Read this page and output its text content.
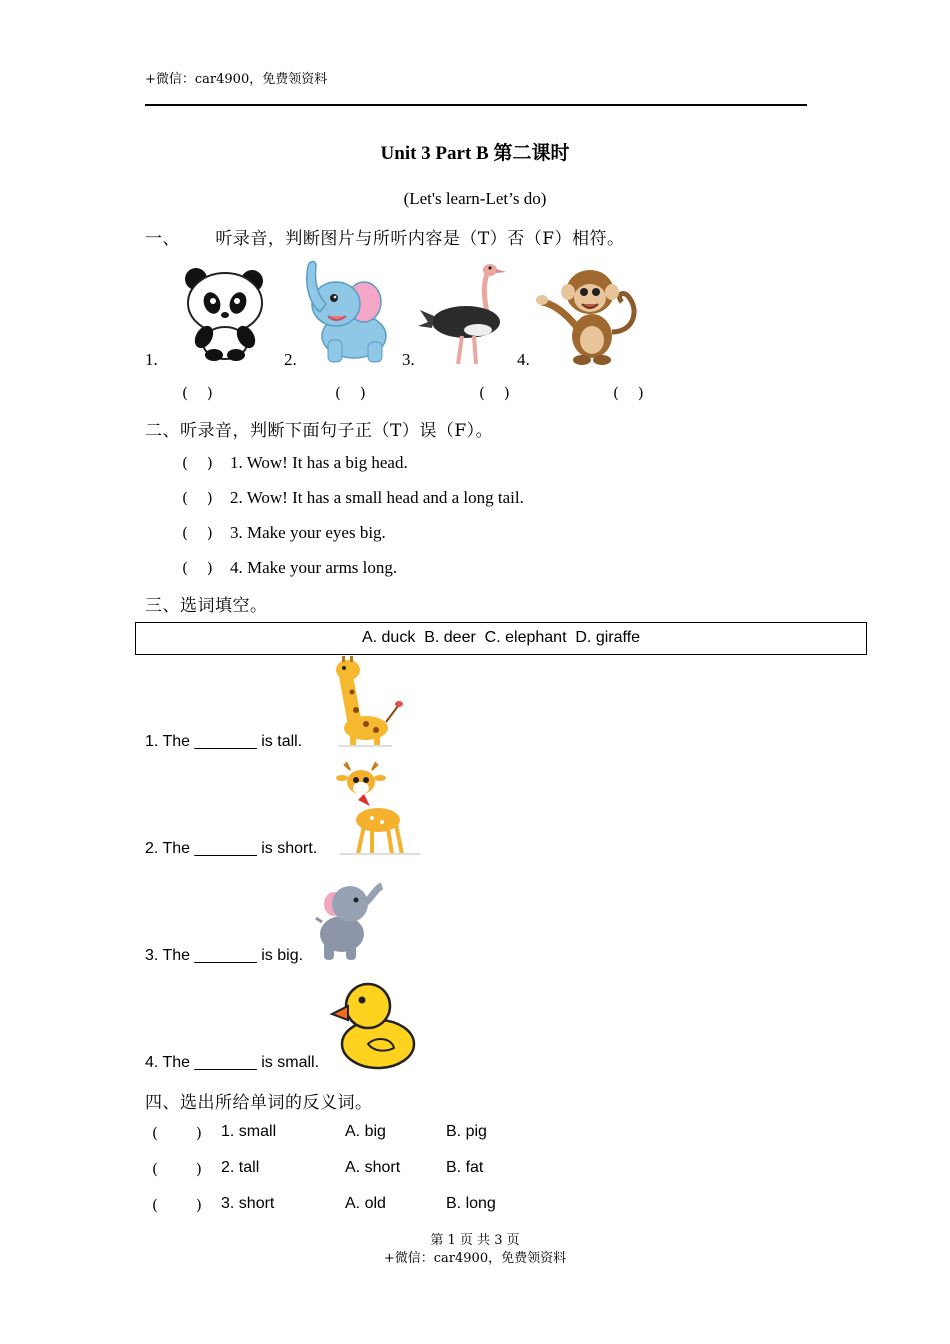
+微信：car4900，免费领资料
Unit 3 Part B 第二课时
(Let's learn-Let’s do)
一、      听录音，判断图片与所听内容是（T）否（F）相符。
1.	2.	3.	4.
(    )	(    )	(    )	(    )
二、听录音，判断下面句子正（T）误（F）。
(    ) 1. Wow! It has a big head.
(    ) 2. Wow! It has a small head and a long tail.
(    ) 3. Make your eyes big.
(    ) 4. Make your arms long.
三、选词填空。
A. duck  B. deer  C. elephant  D. giraffe
1. The _______ is tall.
2. The _______ is short.
3. The _______ is big.
4. The _______ is small.
四、选出所给单词的反义词。
(        ) 1. small	A. big	B. pig
(        ) 2. tall	A. short	B. fat
(        ) 3. short	A. old	B. long
第 1 页 共 3 页
+微信：car4900，免费领资料
